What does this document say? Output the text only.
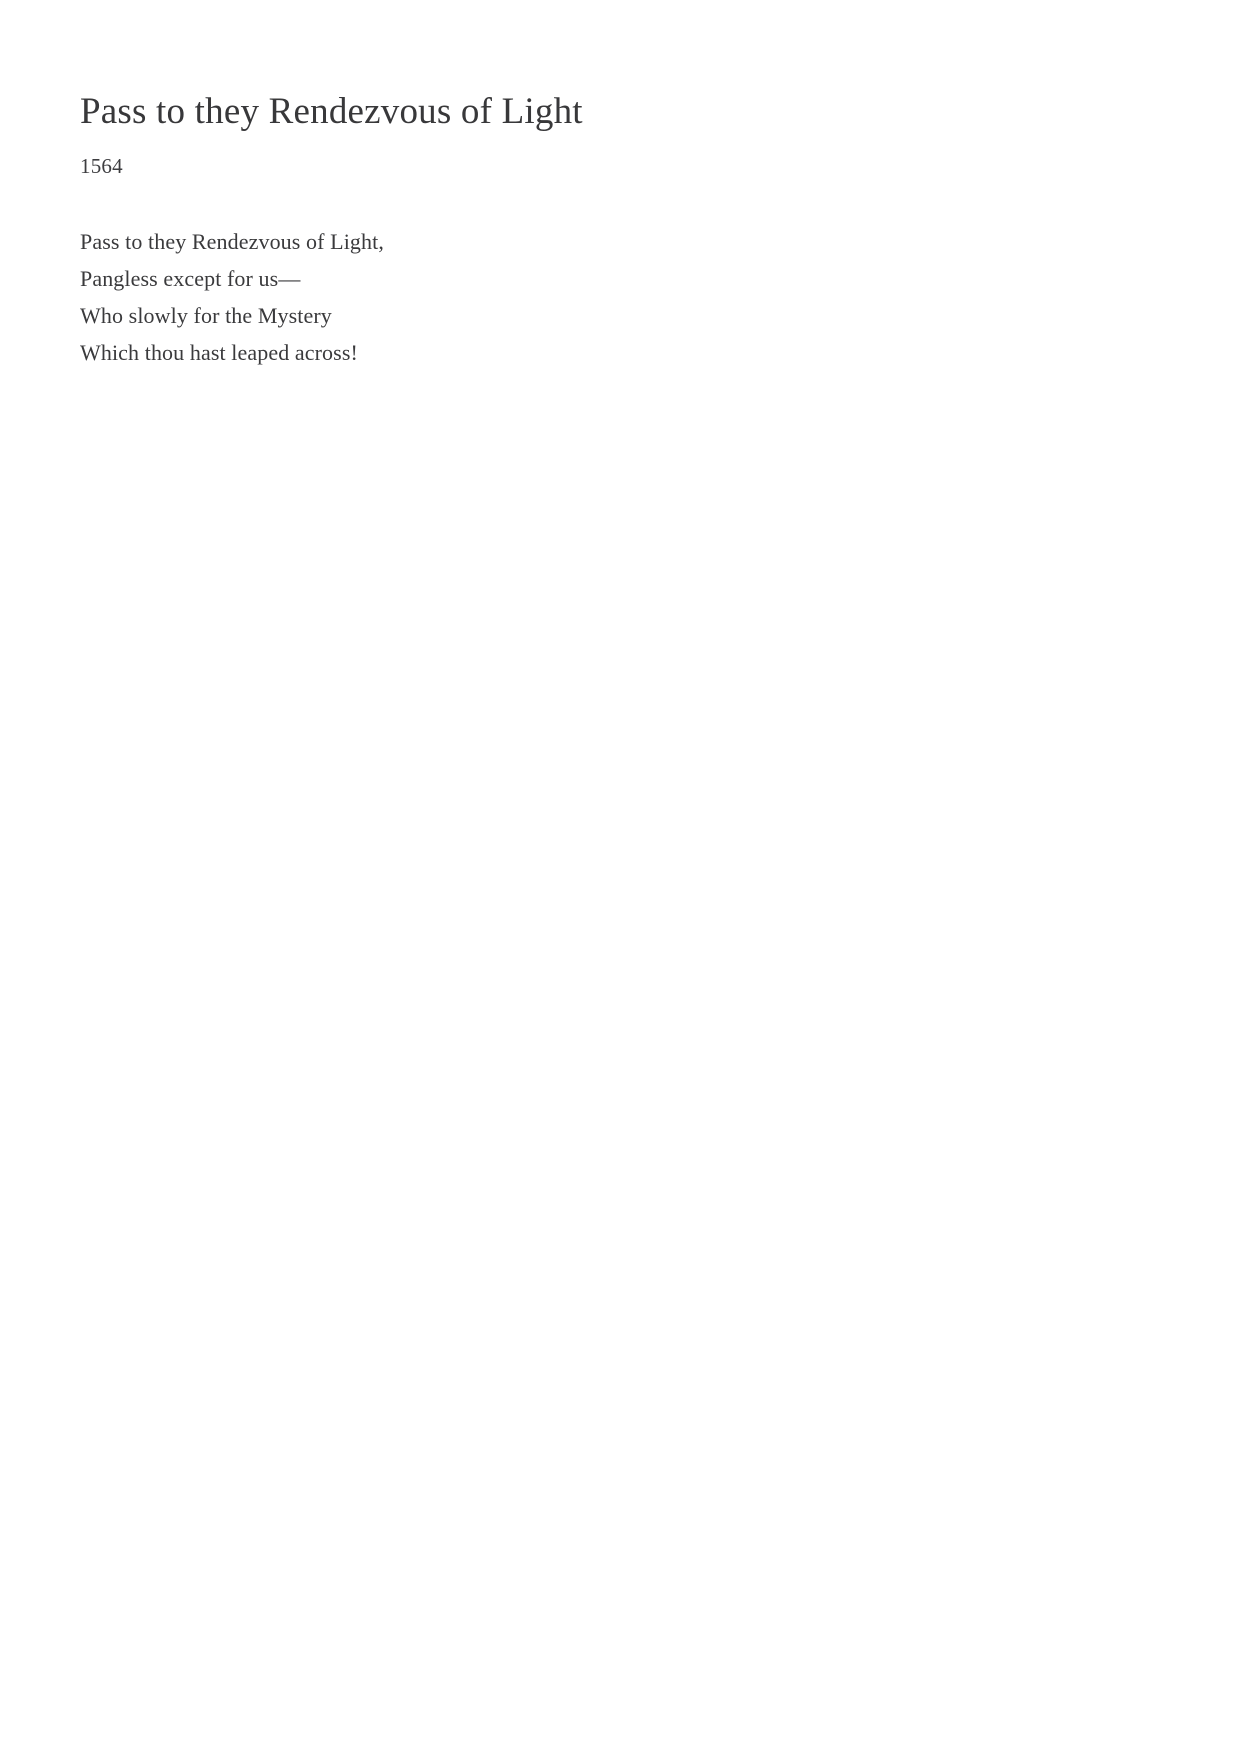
Pass to they Rendezvous of Light
1564
Pass to they Rendezvous of Light,
Pangless except for us—
Who slowly for the Mystery
Which thou hast leaped across!
